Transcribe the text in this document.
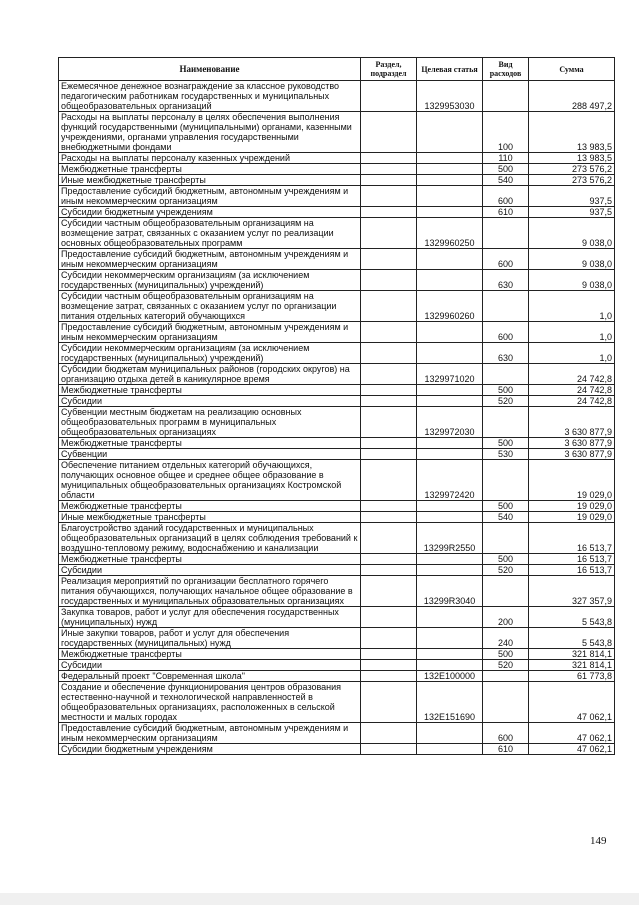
Наименование	Раздел, подраздел	Целевая статья	Вид расходов	Сумма
Ежемесячное денежное вознаграждение за классное руководство педагогическим работникам государственных и муниципальных общеобразовательных организаций		1329953030		288 497,2
Расходы на выплаты персоналу в целях обеспечения выполнения функций государственными (муниципальными) органами, казенными учреждениями, органами управления государственными внебюджетными фондами			100	13 983,5
Расходы на выплаты персоналу казенных учреждений			110	13 983,5
Межбюджетные трансферты			500	273 576,2
Иные межбюджетные трансферты			540	273 576,2
Предоставление субсидий бюджетным, автономным учреждениям и иным некоммерческим организациям			600	937,5
Субсидии бюджетным учреждениям			610	937,5
Субсидии частным общеобразовательным организациям на возмещение затрат, связанных с оказанием услуг по реализации основных общеобразовательных программ		1329960250		9 038,0
Предоставление субсидий бюджетным, автономным учреждениям и иным некоммерческим организациям			600	9 038,0
Субсидии некоммерческим организациям (за исключением государственных (муниципальных) учреждений)			630	9 038,0
Субсидии частным общеобразовательным организациям на возмещение затрат, связанных с оказанием услуг по организации питания отдельных категорий обучающихся		1329960260		1,0
Предоставление субсидий бюджетным, автономным учреждениям и иным некоммерческим организациям			600	1,0
Субсидии некоммерческим организациям (за исключением государственных (муниципальных) учреждений)			630	1,0
Субсидии бюджетам муниципальных районов (городских округов) на организацию отдыха детей в каникулярное время		1329971020		24 742,8
Межбюджетные трансферты			500	24 742,8
Субсидии			520	24 742,8
Субвенции местным бюджетам на реализацию основных общеобразовательных программ в муниципальных общеобразовательных организациях		1329972030		3 630 877,9
Межбюджетные трансферты			500	3 630 877,9
Субвенции			530	3 630 877,9
Обеспечение питанием отдельных категорий обучающихся, получающих основное общее и среднее общее образование в муниципальных общеобразовательных организациях Костромской области		1329972420		19 029,0
Межбюджетные трансферты			500	19 029,0
Иные межбюджетные трансферты			540	19 029,0
Благоустройство зданий государственных и муниципальных общеобразовательных организаций в целях соблюдения требований к воздушно-тепловому режиму, водоснабжению и канализации		13299R2550		16 513,7
Межбюджетные трансферты			500	16 513,7
Субсидии			520	16 513,7
Реализация мероприятий по организации бесплатного горячего питания обучающихся, получающих начальное общее образование в государственных и муниципальных образовательных организациях		13299R3040		327 357,9
Закупка товаров, работ и услуг для обеспечения государственных (муниципальных) нужд			200	5 543,8
Иные закупки товаров, работ и услуг для обеспечения государственных (муниципальных) нужд			240	5 543,8
Межбюджетные трансферты			500	321 814,1
Субсидии			520	321 814,1
Федеральный проект "Современная школа"		132E100000		61 773,8
Создание и обеспечение функционирования центров образования естественно-научной и технологической направленностей в общеобразовательных организациях, расположенных в сельской местности и малых городах		132E151690		47 062,1
Предоставление субсидий бюджетным, автономным учреждениям и иным некоммерческим организациям			600	47 062,1
Субсидии бюджетным учреждениям			610	47 062,1
149
